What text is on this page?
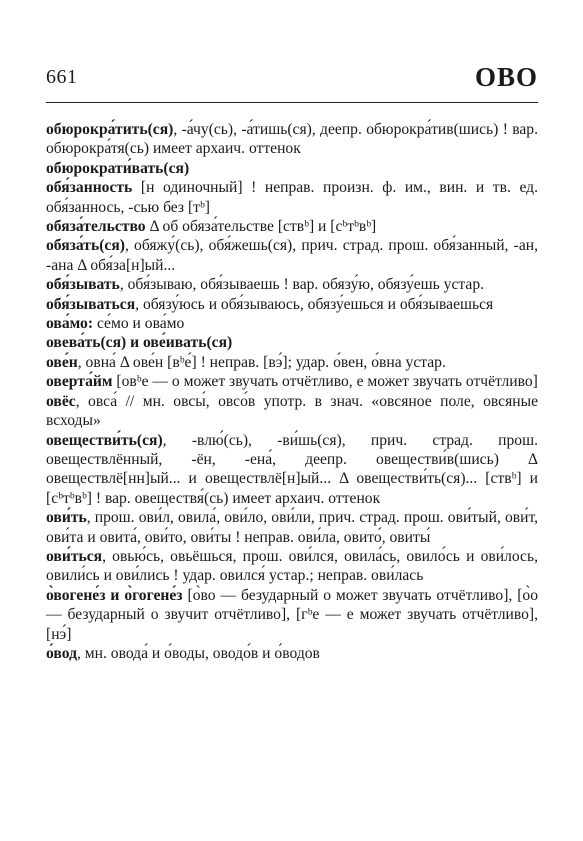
661	ОВО

обюрокра́тить(ся), -а́чу(сь), -а́тишь(ся), деепр. обюрокра́тив(шись) ! вар. обюрокра́тя(сь) имеет архаич. оттенок

обюрократи́вать(ся)

обя́занность [н одиночный] ! неправ. произн. ф. им., вин. и тв. ед. обя́заннось, -сью без [тᵇ]

обяза́тельство Δ об обяза́тельстве [ствᵇ] и [сᵇтᵇвᵇ]

обяза́ть(ся), обяжу́(сь), обя́жешь(ся), прич. страд. прош. обя́занный, -ан, -ана Δ обя́за[н]ый...

обя́зывать, обя́зываю, обя́зываешь ! вар. обязу́ю, обязу́ешь устар.

обя́зываться, обязу́юсь и обя́зываюсь, обязу́ешься и обя́зываешься

ова́мо: се́мо и ова́мо

овева́ть(ся) и ове́ивать(ся)

ове́н, овна́ Δ ове́н [вᵇе́] ! неправ. [вэ́]; удар. о́вен, о́вна устар.

оверта́йм [овᵇе — о может звучать отчётливо, е может звучать отчётливо]

овёс, овса́ // мн. овсы́, овсо́в употр. в знач. «овсяное поле, овсяные всходы»

овеществи́ть(ся), -влю́(сь), -ви́шь(ся), прич. страд. прош. овеществлённый, -ён, -ена́, деепр. овеществи́в(шись) Δ овеществлё[нн]ый... и овеществлё[н]ый... Δ овеществи́ть(ся)... [ствᵇ] и [сᵇтᵇвᵇ] ! вар. овеществя́(сь) имеет архаич. оттенок

ови́ть, прош. ови́л, овила́, ови́ло, ови́ли, прич. страд. прош. ови́тый, ови́т, ови́та и овита́, ови́то, ови́ты ! неправ. ови́ла, овито́, овиты́

ови́ться, овью́сь, овьёшься, прош. ови́лся, овила́сь, овило́сь и ови́лось, овили́сь и ови́лись ! удар. овился́ устар.; неправ. ови́лась

о̀вогене́з и о̀гогене́з [о̀во — безударный о может звучать отчётливо], [о̀о — безударный о звучит отчётливо], [гᵇе — е может звучать отчётливо], [нэ́]

о́вод, мн. овода́ и о́воды, оводо́в и о́водов
